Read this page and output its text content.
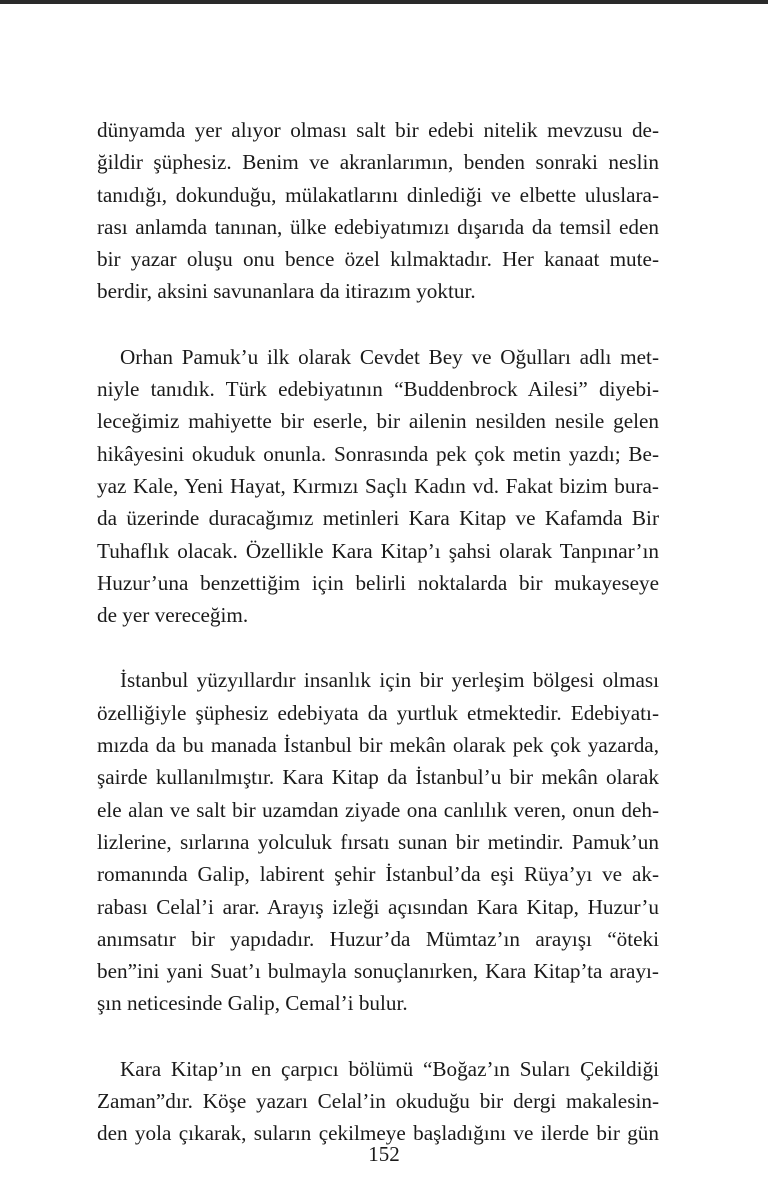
dünyamda yer alıyor olması salt bir edebi nitelik mevzusu de-
ğildir şüphesiz. Benim ve akranlarımın, benden sonraki neslin
tanıdığı, dokunduğu, mülakatlarını dinlediği ve elbette uluslara-
rası anlamda tanınan, ülke edebiyatımızı dışarıda da temsil eden
bir yazar oluşu onu bence özel kılmaktadır. Her kanaat mute-
berdir, aksini savunanlara da itirazım yoktur.

Orhan Pamuk’u ilk olarak Cevdet Bey ve Oğulları adlı met-
niyle tanıdık. Türk edebiyatının “Buddenbrock Ailesi” diyebi-
leceğimiz mahiyette bir eserle, bir ailenin nesilden nesile gelen
hikâyesini okuduk onunla. Sonrasında pek çok metin yazdı; Be-
yaz Kale, Yeni Hayat, Kırmızı Saçlı Kadın vd. Fakat bizim bura-
da üzerinde duracağımız metinleri Kara Kitap ve Kafamda Bir
Tuhaflık olacak. Özellikle Kara Kitap’ı şahsi olarak Tanpınar’ın
Huzur’una benzettiğim için belirli noktalarda bir mukayeseye
de yer vereceğim.

İstanbul yüzyıllardır insanlık için bir yerleşim bölgesi olması
özelliğiyle şüphesiz edebiyata da yurtluk etmektedir. Edebiyatı-
mızda da bu manada İstanbul bir mekân olarak pek çok yazarda,
şairde kullanılmıştır. Kara Kitap da İstanbul’u bir mekân olarak
ele alan ve salt bir uzamdan ziyade ona canlılık veren, onun deh-
lizlerine, sırlarına yolculuk fırsatı sunan bir metindir. Pamuk’un
romanında Galip, labirent şehir İstanbul’da eşi Rüya’yı ve ak-
rabası Celal’i arar. Arayış izleği açısından Kara Kitap, Huzur’u
anımsatır bir yapıdadır. Huzur’da Mümtaz’ın arayışı “öteki
ben”ini yani Suat’ı bulmayla sonuçlanırken, Kara Kitap’ta arayı-
şın neticesinde Galip, Cemal’i bulur.

Kara Kitap’ın en çarpıcı bölümü “Boğaz’ın Suları Çekildiği
Zaman”dır. Köşe yazarı Celal’in okuduğu bir dergi makalesin-
den yola çıkarak, suların çekilmeye başladığını ve ilerde bir gün

152
